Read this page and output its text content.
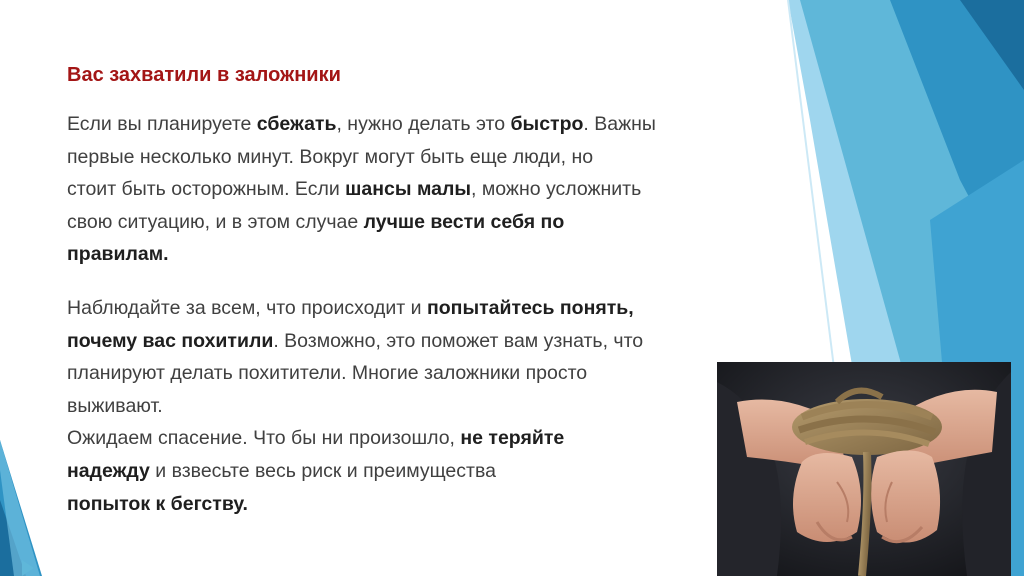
Вас захватили в заложники
Если вы планируете сбежать, нужно делать это быстро. Важны
первые несколько минут. Вокруг могут быть еще люди, но
стоит быть осторожным. Если шансы малы, можно усложнить
свою ситуацию, и в этом случае лучше вести себя по
правилам.
Наблюдайте за всем, что происходит и попытайтесь понять,
почему вас похитили. Возможно, это поможет вам узнать, что
планируют делать похитители. Многие заложники просто
выживают.
Ожидаем спасение. Что бы ни произошло, не теряйте
надежду и взвесьте весь риск и преимущества
попыток к бегству.
